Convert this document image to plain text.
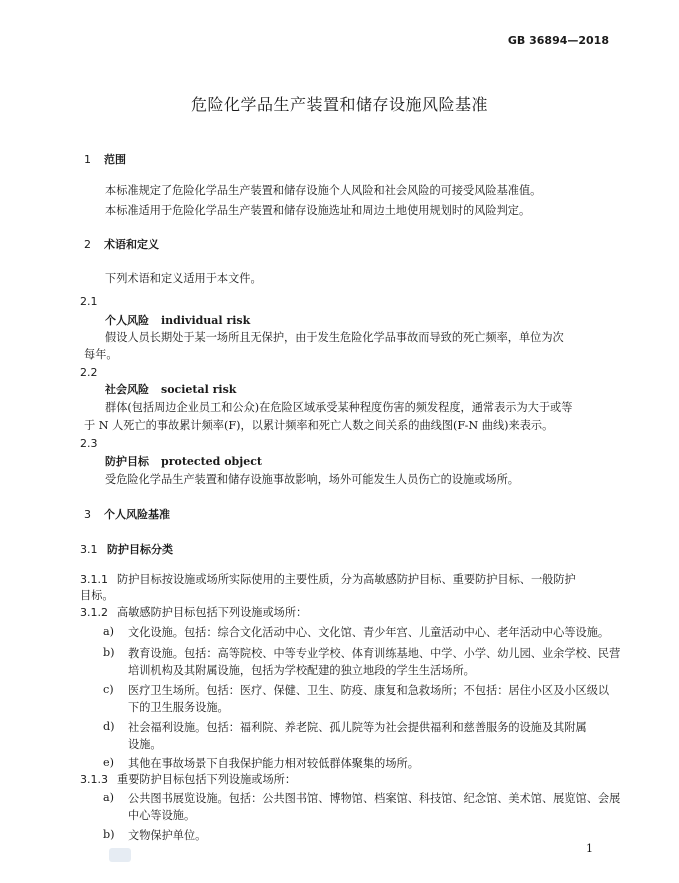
GB 36894—2018
危险化学品生产装置和储存设施风险基准
1 范围
本标准规定了危险化学品生产装置和储存设施个人风险和社会风险的可接受风险基准值。
本标准适用于危险化学品生产装置和储存设施选址和周边土地使用规划时的风险判定。
2 术语和定义
下列术语和定义适用于本文件。
2.1
个人风险 individual risk
假设人员长期处于某一场所且无保护，由于发生危险化学品事故而导致的死亡频率，单位为次
每年。
2.2
社会风险 societal risk
群体(包括周边企业员工和公众)在危险区域承受某种程度伤害的频发程度，通常表示为大于或等
于 N 人死亡的事故累计频率(F)，以累计频率和死亡人数之间关系的曲线图(F-N 曲线)来表示。
2.3
防护目标 protected object
受危险化学品生产装置和储存设施事故影响，场外可能发生人员伤亡的设施或场所。
3 个人风险基准
3.1 防护目标分类
3.1.1 防护目标按设施或场所实际使用的主要性质，分为高敏感防护目标、重要防护目标、一般防护
目标。
3.1.2 高敏感防护目标包括下列设施或场所：
a) 文化设施。包括：综合文化活动中心、文化馆、青少年宫、儿童活动中心、老年活动中心等设施。
b) 教育设施。包括：高等院校、中等专业学校、体育训练基地、中学、小学、幼儿园、业余学校、民营
培训机构及其附属设施，包括为学校配建的独立地段的学生生活场所。
c) 医疗卫生场所。包括：医疗、保健、卫生、防疫、康复和急救场所；不包括：居住小区及小区级以
下的卫生服务设施。
d) 社会福利设施。包括：福利院、养老院、孤儿院等为社会提供福利和慈善服务的设施及其附属
设施。
e) 其他在事故场景下自我保护能力相对较低群体聚集的场所。
3.1.3 重要防护目标包括下列设施或场所：
a) 公共图书展览设施。包括：公共图书馆、博物馆、档案馆、科技馆、纪念馆、美术馆、展览馆、会展
中心等设施。
b) 文物保护单位。
1
